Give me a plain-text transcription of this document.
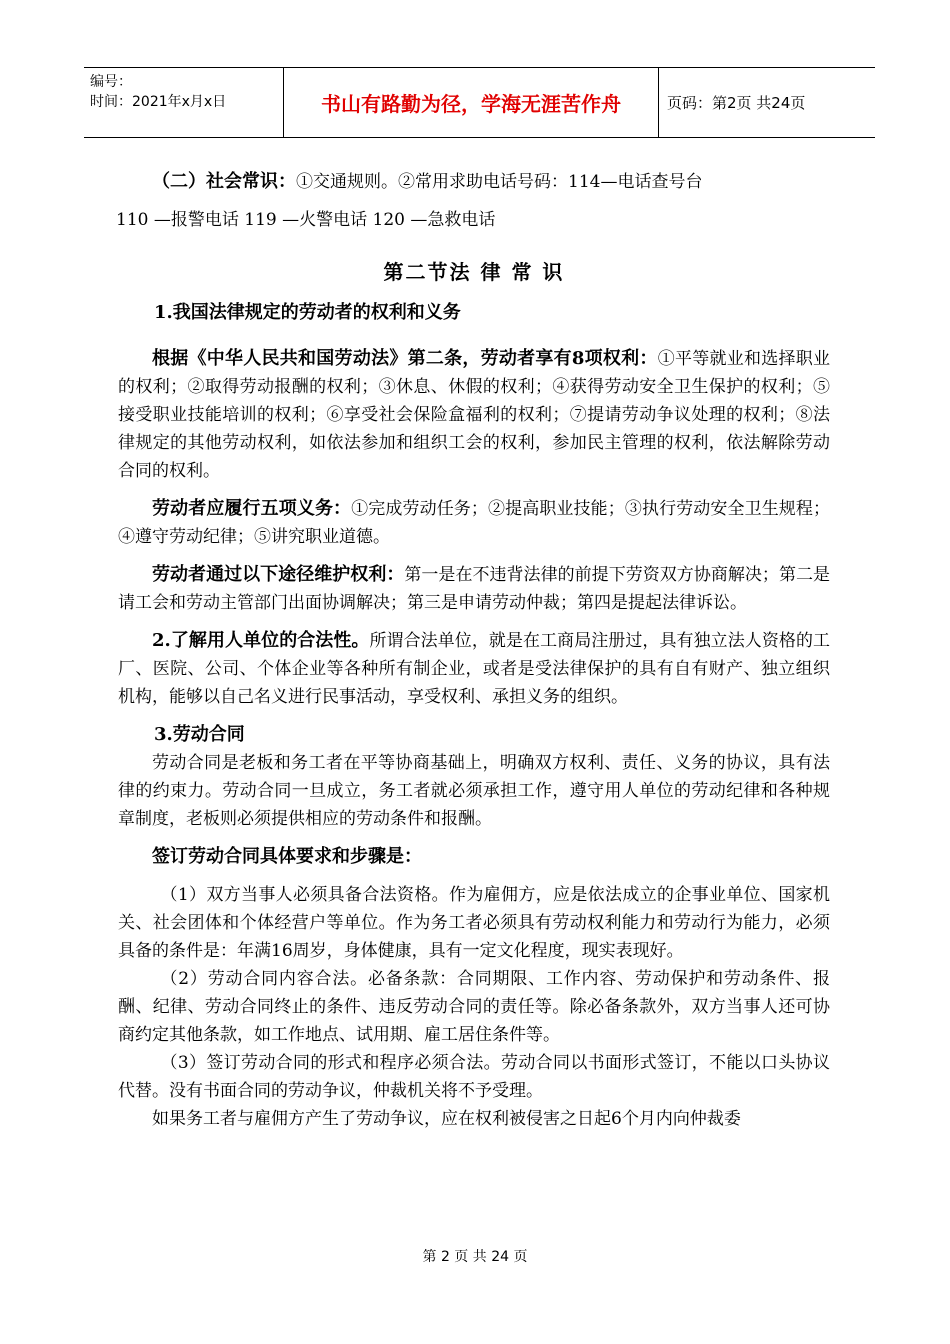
编号：
时间：2021年x月x日	书山有路勤为径，学海无涯苦作舟	页码：第2页 共24页

（二）社会常识：①交通规则。②常用求助电话号码：114—电话查号台

110 —报警电话 119 —火警电话 120 —急救电话

第二节法 律 常 识

1.我国法律规定的劳动者的权利和义务

根据《中华人民共和国劳动法》第二条，劳动者享有8项权利：①平等就业和选择职业的权利；②取得劳动报酬的权利；③休息、休假的权利；④获得劳动安全卫生保护的权利；⑤接受职业技能培训的权利；⑥享受社会保险盒福利的权利；⑦提请劳动争议处理的权利；⑧法律规定的其他劳动权利，如依法参加和组织工会的权利，参加民主管理的权利，依法解除劳动合同的权利。

劳动者应履行五项义务：①完成劳动任务；②提高职业技能；③执行劳动安全卫生规程；④遵守劳动纪律；⑤讲究职业道德。

劳动者通过以下途径维护权利：第一是在不违背法律的前提下劳资双方协商解决；第二是请工会和劳动主管部门出面协调解决；第三是申请劳动仲裁；第四是提起法律诉讼。

2.了解用人单位的合法性。所谓合法单位，就是在工商局注册过，具有独立法人资格的工厂、医院、公司、个体企业等各种所有制企业，或者是受法律保护的具有自有财产、独立组织机构，能够以自己名义进行民事活动，享受权利、承担义务的组织。

3.劳动合同

劳动合同是老板和务工者在平等协商基础上，明确双方权利、责任、义务的协议，具有法律的约束力。劳动合同一旦成立，务工者就必须承担工作，遵守用人单位的劳动纪律和各种规章制度，老板则必须提供相应的劳动条件和报酬。

签订劳动合同具体要求和步骤是：

（1）双方当事人必须具备合法资格。作为雇佣方，应是依法成立的企事业单位、国家机关、社会团体和个体经营户等单位。作为务工者必须具有劳动权利能力和劳动行为能力，必须具备的条件是：年满16周岁，身体健康，具有一定文化程度，现实表现好。

（2）劳动合同内容合法。必备条款：合同期限、工作内容、劳动保护和劳动条件、报酬、纪律、劳动合同终止的条件、违反劳动合同的责任等。除必备条款外，双方当事人还可协商约定其他条款，如工作地点、试用期、雇工居住条件等。

（3）签订劳动合同的形式和程序必须合法。劳动合同以书面形式签订，不能以口头协议代替。没有书面合同的劳动争议，仲裁机关将不予受理。

如果务工者与雇佣方产生了劳动争议，应在权利被侵害之日起6个月内向仲裁委

第 2 页 共 24 页
